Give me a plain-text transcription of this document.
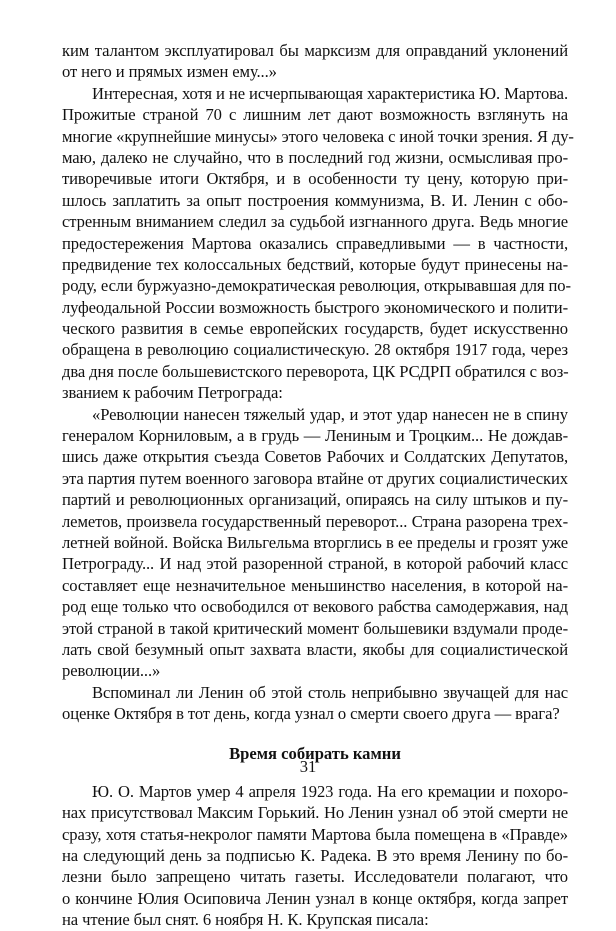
ким талантом эксплуатировал бы марксизм для оправданий уклонений
от него и прямых измен ему...»
Интересная, хотя и не исчерпывающая характеристика Ю. Мартова.
Прожитые страной 70 с лишним лет дают возможность взглянуть на
многие «крупнейшие минусы» этого человека с иной точки зрения. Я ду-
маю, далеко не случайно, что в последний год жизни, осмысливая про-
тиворечивые итоги Октября, и в особенности ту цену, которую при-
шлось заплатить за опыт построения коммунизма, В. И. Ленин с обо-
стренным вниманием следил за судьбой изгнанного друга. Ведь многие
предостережения Мартова оказались справедливыми — в частности,
предвидение тех колоссальных бедствий, которые будут принесены на-
роду, если буржуазно-демократическая революция, открывавшая для по-
луфеодальной России возможность быстрого экономического и полити-
ческого развития в семье европейских государств, будет искусственно
обращена в революцию социалистическую. 28 октября 1917 года, через
два дня после большевистского переворота, ЦК РСДРП обратился с воз-
званием к рабочим Петрограда:
«Революции нанесен тяжелый удар, и этот удар нанесен не в спину
генералом Корниловым, а в грудь — Лениным и Троцким... Не дождав-
шись даже открытия съезда Советов Рабочих и Солдатских Депутатов,
эта партия путем военного заговора втайне от других социалистических
партий и революционных организаций, опираясь на силу штыков и пу-
леметов, произвела государственный переворот... Страна разорена трех-
летней войной. Войска Вильгельма вторглись в ее пределы и грозят уже
Петрограду... И над этой разоренной страной, в которой рабочий класс
составляет еще незначительное меньшинство населения, в которой на-
род еще только что освободился от векового рабства самодержавия, над
этой страной в такой критический момент большевики вздумали проде-
лать свой безумный опыт захвата власти, якобы для социалистической
революции...»
Вспоминал ли Ленин об этой столь неприбывно звучащей для нас
оценке Октября в тот день, когда узнал о смерти своего друга — врага?
Время собирать камни
Ю. О. Мартов умер 4 апреля 1923 года. На его кремации и похоро-
нах присутствовал Максим Горький. Но Ленин узнал об этой смерти не
сразу, хотя статья-некролог памяти Мартова была помещена в «Правде»
на следующий день за подписью К. Радека. В это время Ленину по бо-
лезни было запрещено читать газеты. Исследователи полагают, что
о кончине Юлия Осиповича Ленин узнал в конце октября, когда запрет
на чтение был снят. 6 ноября Н. К. Крупская писала:
31
